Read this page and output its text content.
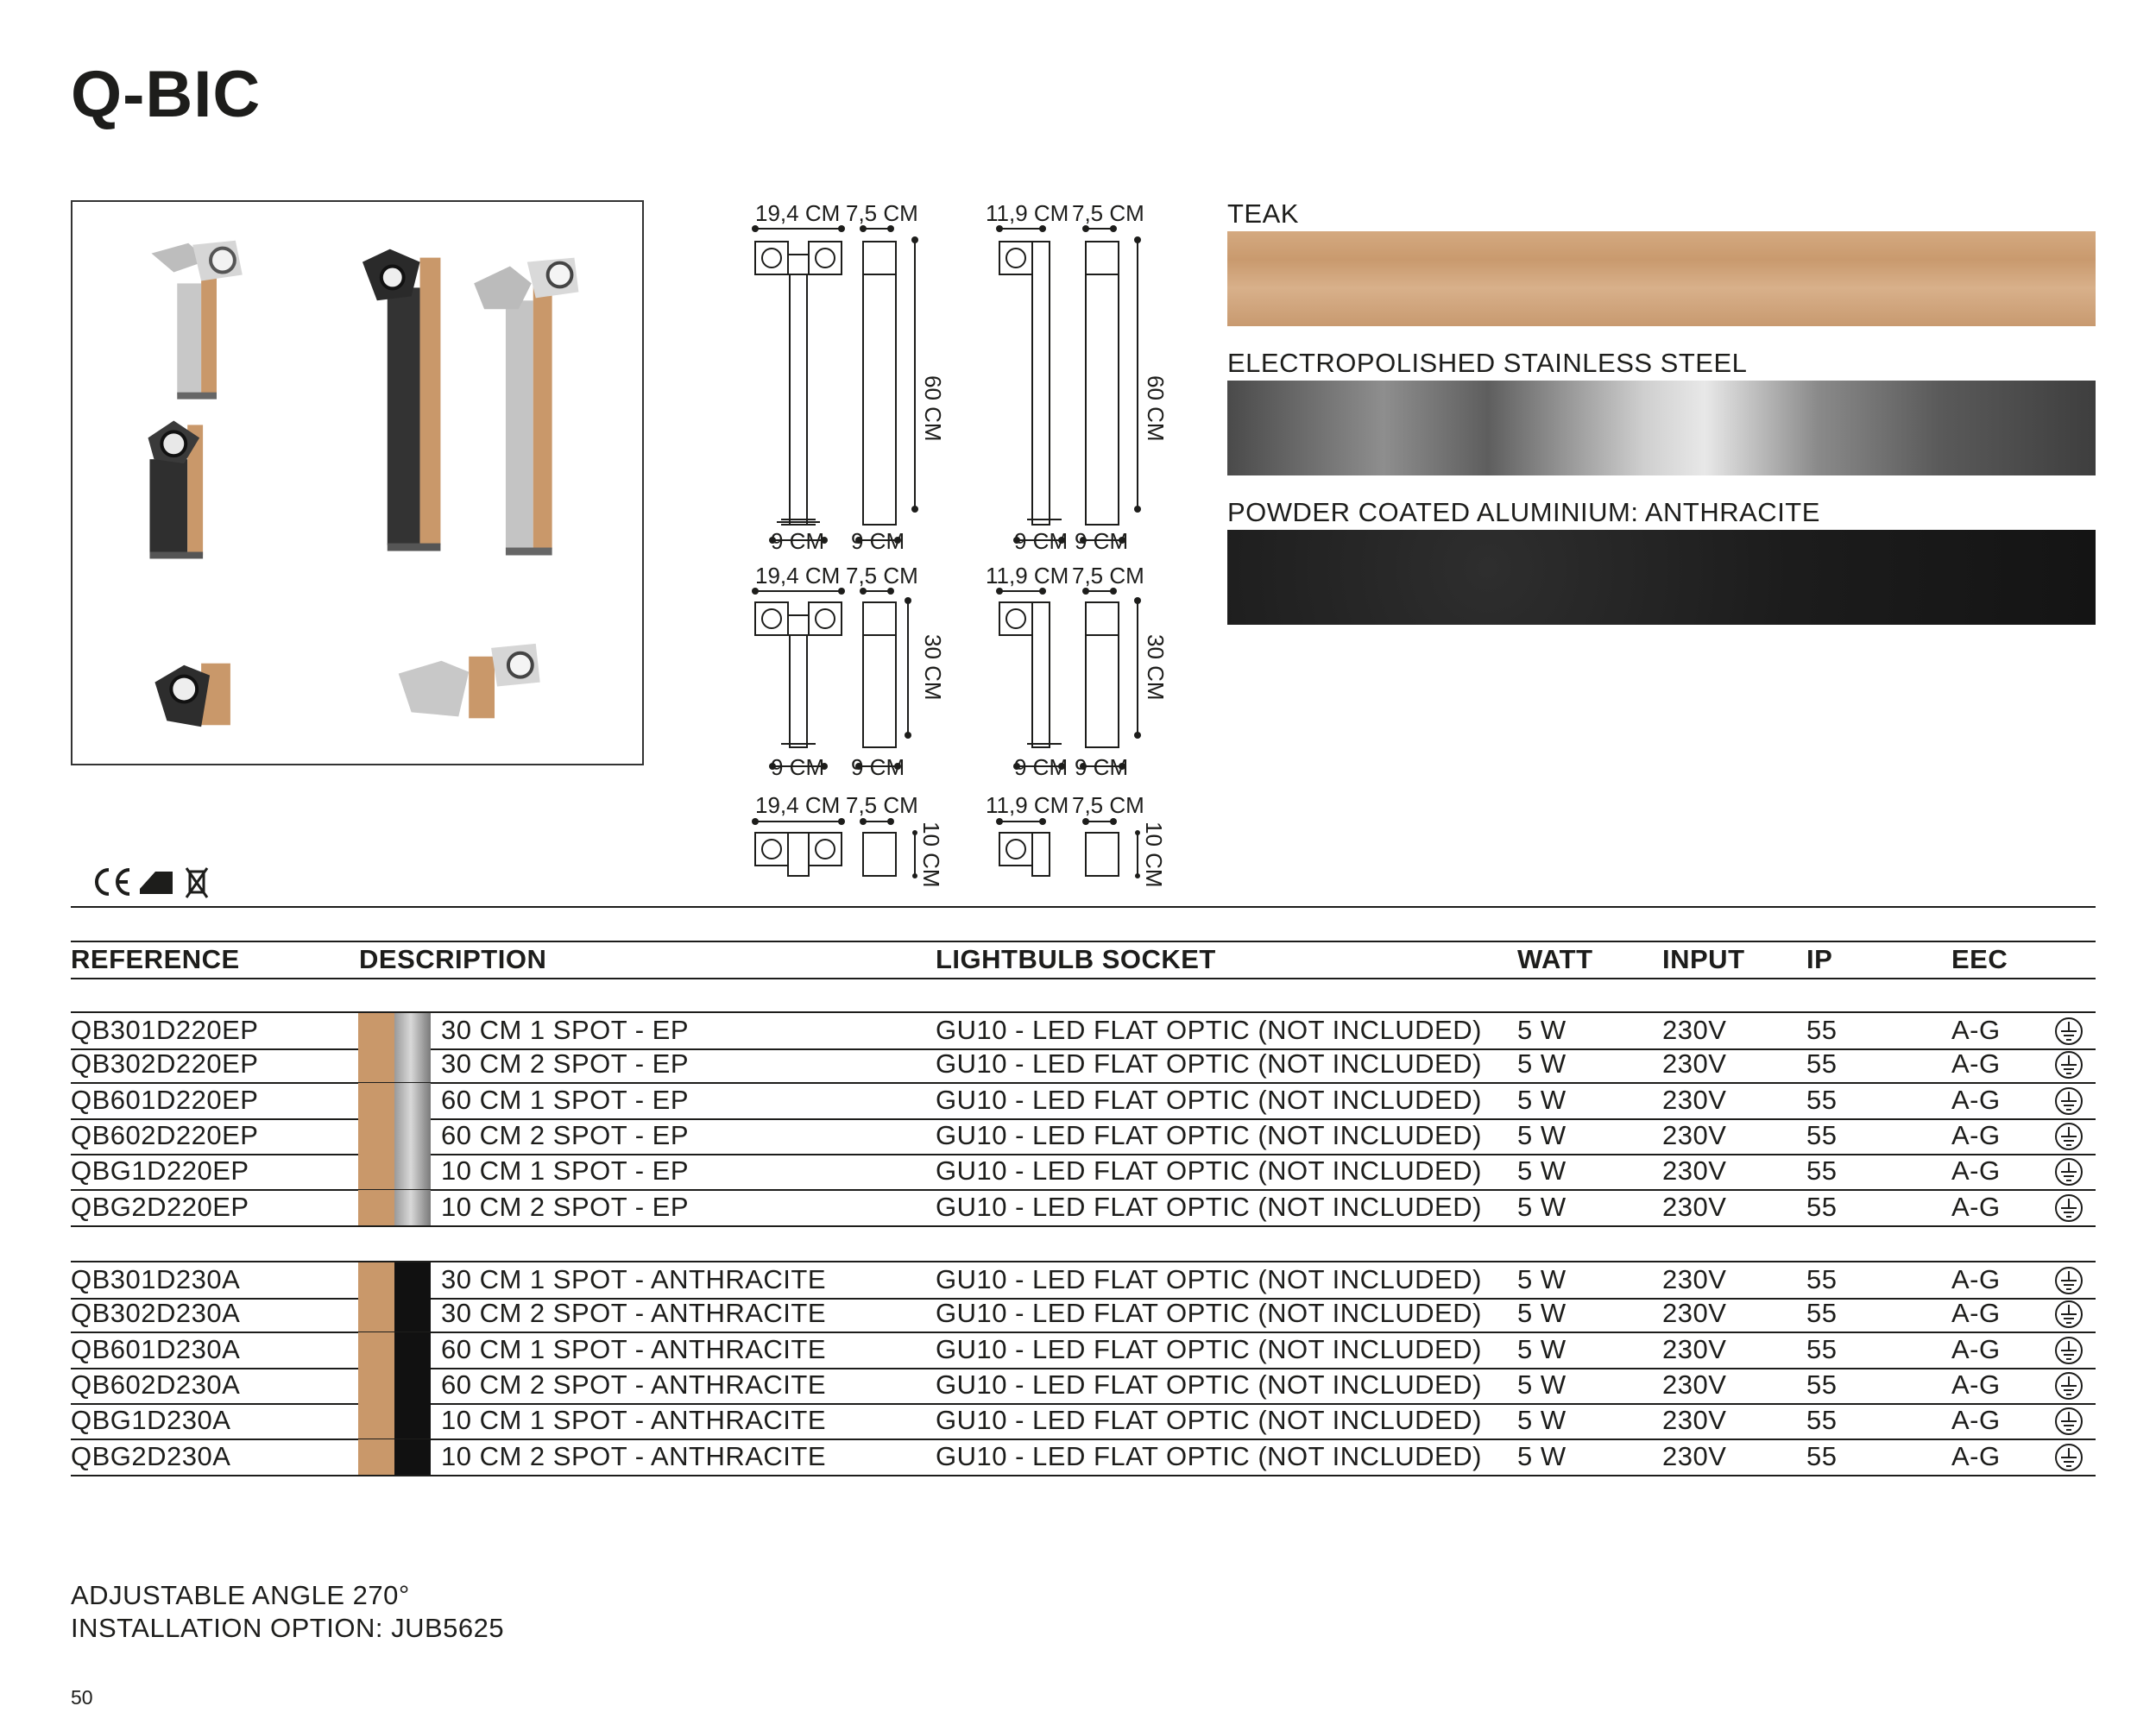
Q-BIC
19,4 CM 7,5 CM	11,9 CM 7,5 CM
60 CM	60 CM
9 CM 9 CM	9 CM 9 CM
19,4 CM 7,5 CM	11,9 CM 7,5 CM
30 CM	30 CM
9 CM 9 CM	9 CM 9 CM
19,4 CM 7,5 CM	11,9 CM 7,5 CM
10 CM	10 CM
TEAK
ELECTROPOLISHED STAINLESS STEEL
POWDER COATED ALUMINIUM: ANTHRACITE
REFERENCE	DESCRIPTION	LIGHTBULB SOCKET	WATT	INPUT IP	EEC
QB301D220EP	30 CM 1 SPOT - EP	GU10 - LED FLAT OPTIC (NOT INCLUDED) 5 W	230V	55	A-G
QB302D220EP	30 CM 2 SPOT - EP	GU10 - LED FLAT OPTIC (NOT INCLUDED) 5 W	230V	55	A-G
QB601D220EP	60 CM 1 SPOT - EP	GU10 - LED FLAT OPTIC (NOT INCLUDED) 5 W	230V	55	A-G
QB602D220EP	60 CM 2 SPOT - EP	GU10 - LED FLAT OPTIC (NOT INCLUDED) 5 W	230V	55	A-G
QBG1D220EP	10 CM 1 SPOT - EP	GU10 - LED FLAT OPTIC (NOT INCLUDED) 5 W	230V	55	A-G
QBG2D220EP	10 CM 2 SPOT - EP	GU10 - LED FLAT OPTIC (NOT INCLUDED) 5 W	230V	55	A-G
QB301D230A	30 CM 1 SPOT - ANTHRACITE	GU10 - LED FLAT OPTIC (NOT INCLUDED) 5 W	230V	55	A-G
QB302D230A	30 CM 2 SPOT - ANTHRACITE	GU10 - LED FLAT OPTIC (NOT INCLUDED) 5 W	230V	55	A-G
QB601D230A	60 CM 1 SPOT - ANTHRACITE	GU10 - LED FLAT OPTIC (NOT INCLUDED) 5 W	230V	55	A-G
QB602D230A	60 CM 2 SPOT - ANTHRACITE	GU10 - LED FLAT OPTIC (NOT INCLUDED) 5 W	230V	55	A-G
QBG1D230A	10 CM 1 SPOT - ANTHRACITE	GU10 - LED FLAT OPTIC (NOT INCLUDED) 5 W	230V	55	A-G
QBG2D230A	10 CM 2 SPOT - ANTHRACITE	GU10 - LED FLAT OPTIC (NOT INCLUDED) 5 W	230V	55	A-G
ADJUSTABLE ANGLE 270°
INSTALLATION OPTION: JUB5625
50
